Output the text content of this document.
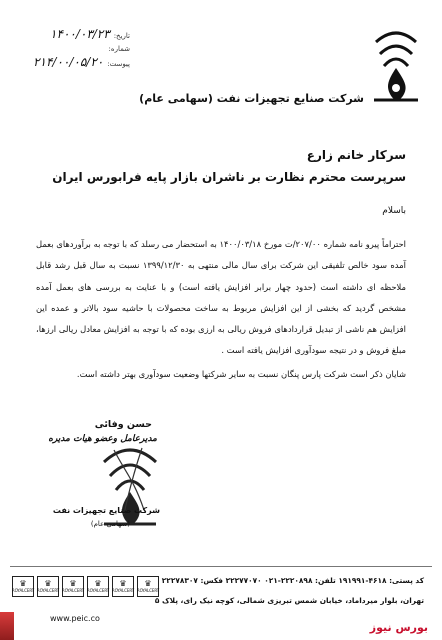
تاریخ:
۱۴۰۰/۰۳/۲۳
شماره:
پیوست:
۲۱۴/۰۰/۰۵/۲۰
شرکت صنایع تجهیزات نفت (سهامی عام)
سرکار خانم زارع
سرپرست محترم نظارت بر ناشران بازار پایه فرابورس ایران
باسلام
احتراماً پیرو نامه شماره ۲۰۷/۰۰/ت مورخ ۱۴۰۰/۰۳/۱۸ به استحضار می رسلد که با توجه به برآوردهای بعمل آمده سود خالص تلفیقی این شرکت برای سال مالی منتهی به ۱۳۹۹/۱۲/۳۰ نسبت به سال قبل رشد قابل ملاحظه ای داشته است (حدود چهار برابر افزایش یافته است) و با عنایت به بررسی های بعمل آمده مشخص گردید که بخشی از این افزایش مربوط به ساخت محصولات با حاشیه سود بالاتر و عمده این افزایش هم ناشی از تبدیل قراردادهای فروش ریالی به ارزی بوده که با توجه به افزایش معادل ریالی ارزها، مبلغ فروش و در نتیجه سودآوری افزایش یافته است .
شایان ذکر است شرکت پارس پنگان نسبت به سایر شرکتها وضعیت سودآوری بهتر داشته است.
حسن وفائی
مدیرعامل وعضو هیات مدیره
شرکت صنایع تجهیزات نفت
(سهامی عام)
♛
ROYALCERT
♛
ROYALCERT
♛
ROYALCERT
♛
ROYALCERT
♛
ROYALCERT
♛
ROYALCERT
کد پستی: ۴۶۱۸-۱۹۱۹۹۱ تلفن: ۲۲۲۰۸۹۸-۰۲۱ ۲۲۲۷۷۰۷۰ فکس: ۲۲۲۷۸۳۰۷
تهران، بلوار میرداماد، خیابان شمس تبریزی شمالی، کوچه نیک رای، پلاک ۵
www.peic.co
بورس نیوز
